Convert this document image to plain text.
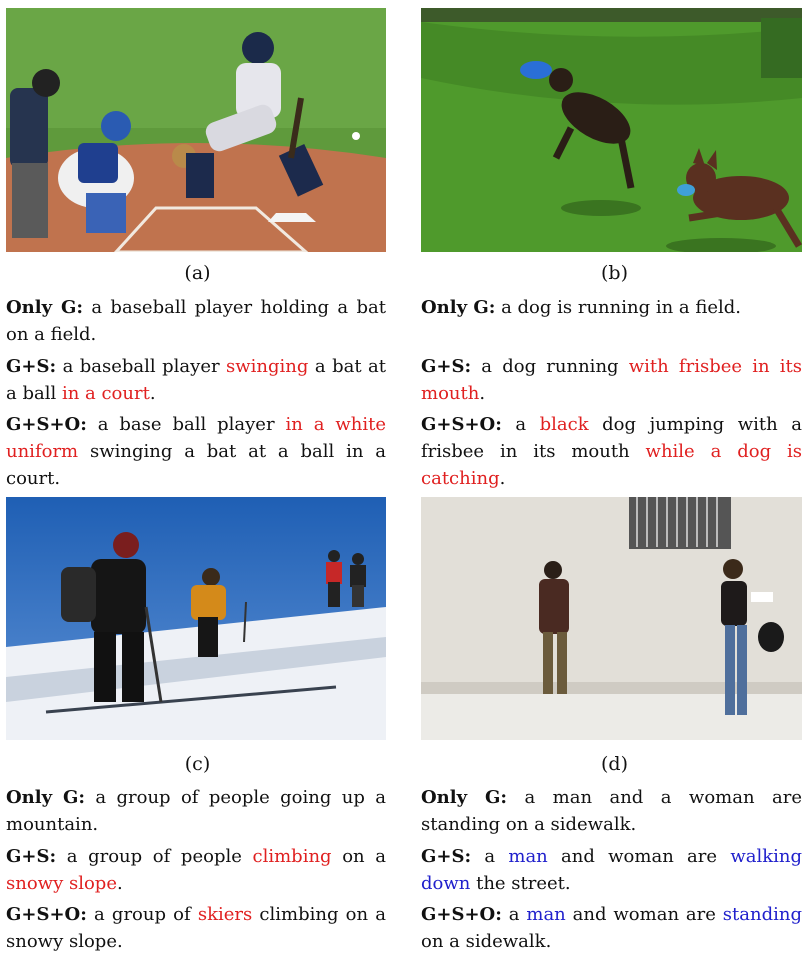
(a)
Only G: a baseball player holding a bat on a field.
G+S: a baseball player swinging a bat at a ball in a court.
G+S+O: a base ball player in a white uniform swinging a bat at a ball in a court.
(b)
Only G: a dog is running in a field.
G+S: a dog running with frisbee in its mouth.
G+S+O: a black dog jumping with a frisbee in its mouth while a dog is catching.
(c)
Only G: a group of people going up a mountain.
G+S: a group of people climbing on a snowy slope.
G+S+O: a group of skiers climbing on a snowy slope.
(d)
Only G: a man and a woman are standing on a sidewalk.
G+S: a man and woman are walking down the street.
G+S+O: a man and woman are standing on a sidewalk.
